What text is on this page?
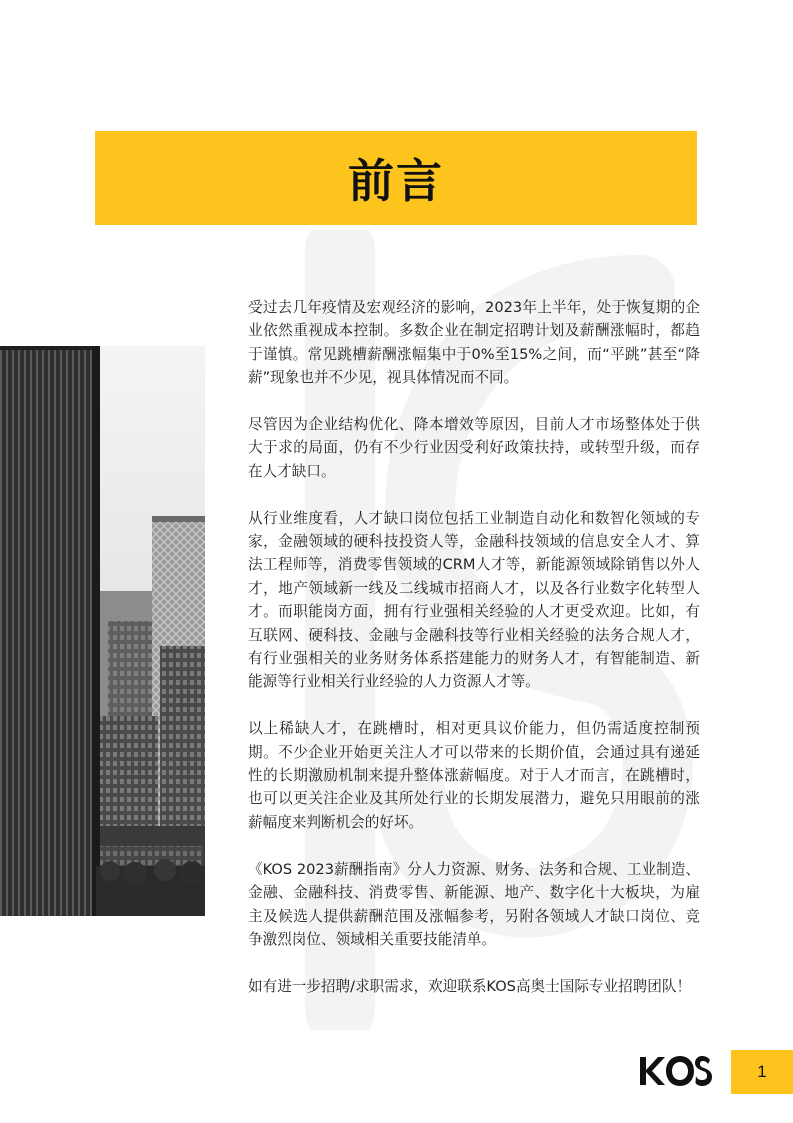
前言

受过去几年疫情及宏观经济的影响，2023年上半年，处于恢复期的企业依然重视成本控制。多数企业在制定招聘计划及薪酬涨幅时，都趋于谨慎。常见跳槽薪酬涨幅集中于0%至15%之间，而“平跳”甚至“降薪”现象也并不少见，视具体情况而不同。

尽管因为企业结构优化、降本增效等原因，目前人才市场整体处于供大于求的局面，仍有不少行业因受利好政策扶持，或转型升级，而存在人才缺口。

从行业维度看，人才缺口岗位包括工业制造自动化和数智化领域的专家，金融领域的硬科技投资人等，金融科技领域的信息安全人才、算法工程师等，消费零售领域的CRM人才等，新能源领域除销售以外人才，地产领域新一线及二线城市招商人才，以及各行业数字化转型人才。而职能岗方面，拥有行业强相关经验的人才更受欢迎。比如，有互联网、硬科技、金融与金融科技等行业相关经验的法务合规人才，有行业强相关的业务财务体系搭建能力的财务人才，有智能制造、新能源等行业相关行业经验的人力资源人才等。

以上稀缺人才，在跳槽时，相对更具议价能力，但仍需适度控制预期。不少企业开始更关注人才可以带来的长期价值，会通过具有递延性的长期激励机制来提升整体涨薪幅度。对于人才而言，在跳槽时，也可以更关注企业及其所处行业的长期发展潜力，避免只用眼前的涨薪幅度来判断机会的好坏。

《KOS 2023薪酬指南》分人力资源、财务、法务和合规、工业制造、金融、金融科技、消费零售、新能源、地产、数字化十大板块，为雇主及候选人提供薪酬范围及涨幅参考，另附各领域人才缺口岗位、竞争激烈岗位、领域相关重要技能清单。

如有进一步招聘/求职需求，欢迎联系KOS高奥士国际专业招聘团队！

1
